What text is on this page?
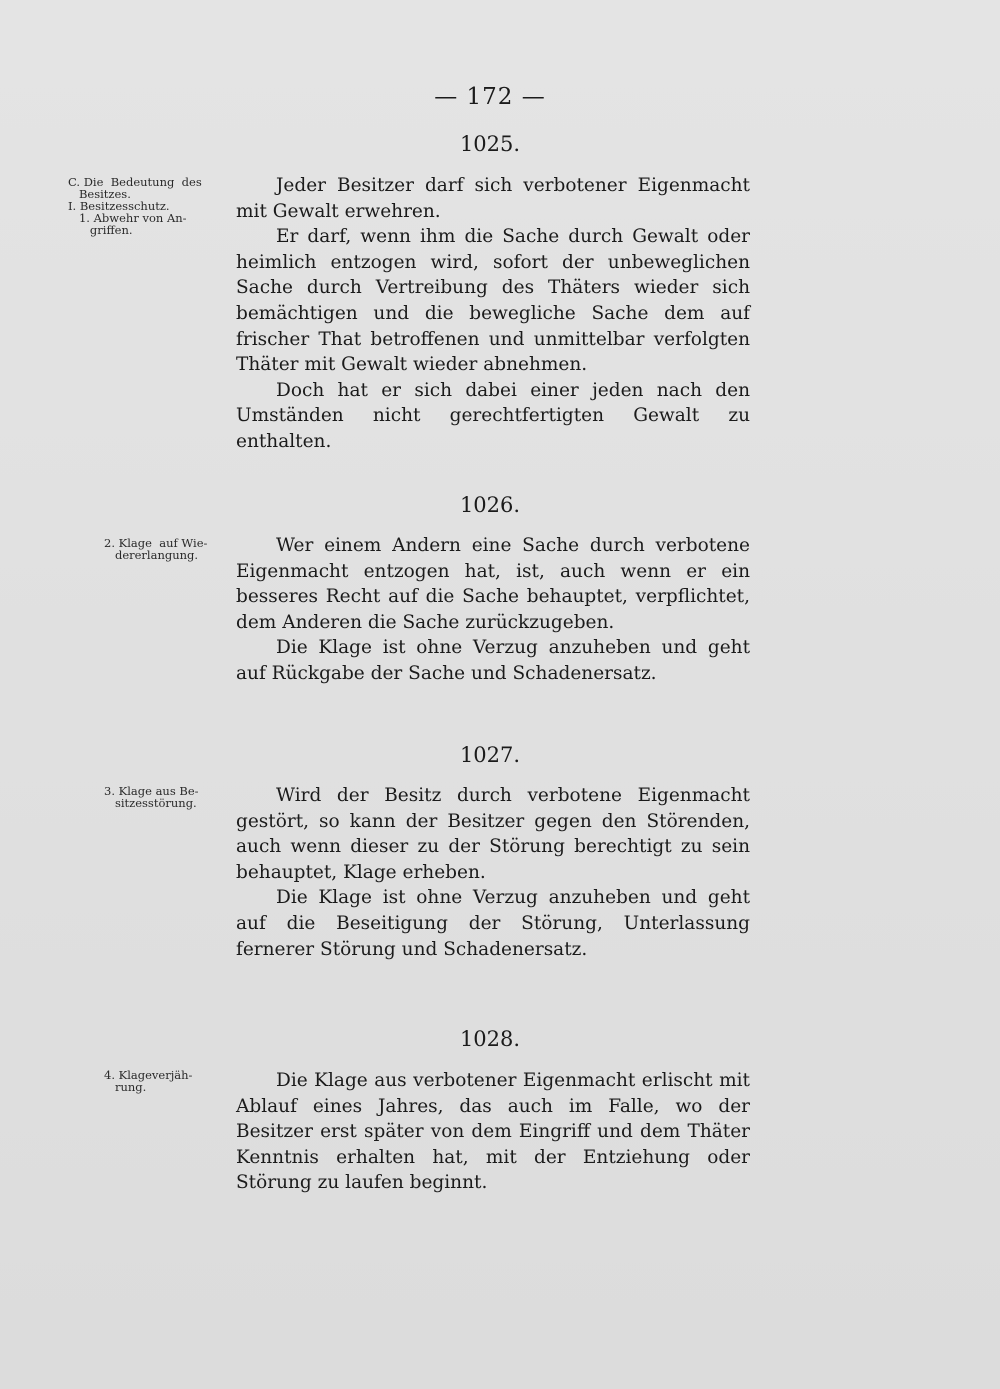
— 172 —
1025.
C. Die  Bedeutung  des
Besitzes.
I. Besitzesschutz.
1. Abwehr von An-
griffen.

Jeder Besitzer darf sich verbotener Eigenmacht mit Gewalt erwehren.

Er darf, wenn ihm die Sache durch Gewalt oder heimlich entzogen wird, sofort der unbeweglichen Sache durch Vertreibung des Thäters wieder sich bemächtigen und die bewegliche Sache dem auf frischer That betroffenen und unmittelbar verfolgten Thäter mit Gewalt wieder abnehmen.

Doch hat er sich dabei einer jeden nach den Umständen nicht gerechtfertigten Gewalt zu enthalten.

1026.
2. Klage  auf Wie-
dererlangung.	Wer einem Andern eine Sache durch verbotene Eigenmacht entzogen hat, ist, auch wenn er ein besseres Recht auf die Sache behauptet, verpflichtet, dem Anderen die Sache zurückzugeben.

Die Klage ist ohne Verzug anzuheben und geht auf Rückgabe der Sache und Schadenersatz.

1027.
3. Klage aus Be-
sitzesstörung.	Wird der Besitz durch verbotene Eigenmacht gestört, so kann der Besitzer gegen den Störenden, auch wenn dieser zu der Störung berechtigt zu sein behauptet, Klage erheben.

Die Klage ist ohne Verzug anzuheben und geht auf die Beseitigung der Störung, Unterlassung fernerer Störung und Schadenersatz.

1028.
4. Klageverjäh-
rung.	Die Klage aus verbotener Eigenmacht erlischt mit Ablauf eines Jahres, das auch im Falle, wo der Besitzer erst später von dem Eingriff und dem Thäter Kenntnis erhalten hat, mit der Entziehung oder Störung zu laufen beginnt.
